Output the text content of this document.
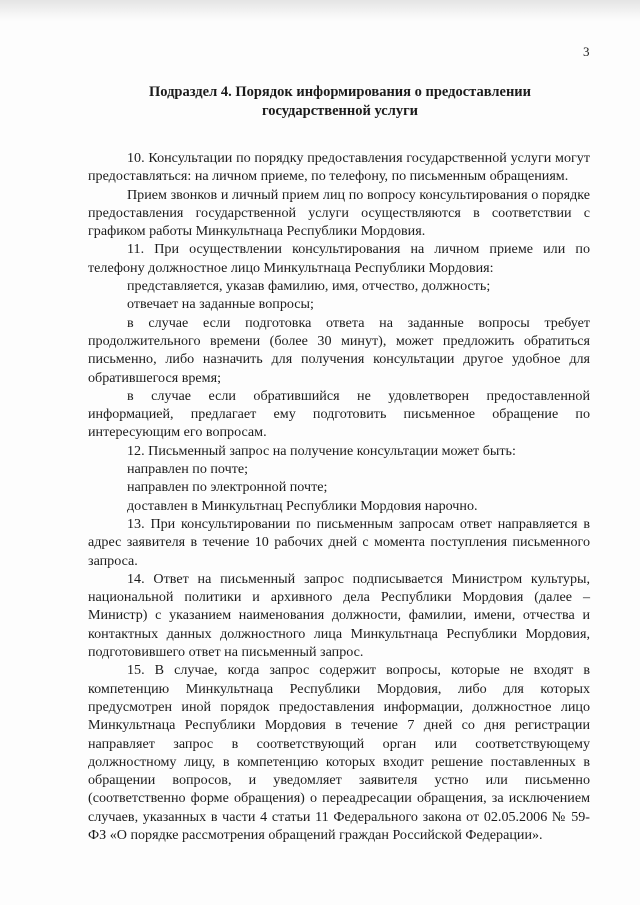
3
Подраздел 4. Порядок информирования о предоставлении
государственной услуги

10. Консультации по порядку предоставления государственной услуги могут предоставляться: на личном приеме, по телефону, по письменным обращениям.

Прием звонков и личный прием лиц по вопросу консультирования о порядке предоставления государственной услуги осуществляются в соответствии с графиком работы Минкультнаца Республики Мордовия.

11. При осуществлении консультирования на личном приеме или по телефону должностное лицо Минкультнаца Республики Мордовия:

представляется, указав фамилию, имя, отчество, должность;

отвечает на заданные вопросы;

в случае если подготовка ответа на заданные вопросы требует продолжительного времени (более 30 минут), может предложить обратиться письменно, либо назначить для получения консультации другое удобное для обратившегося время;

в случае если обратившийся не удовлетворен предоставленной информацией, предлагает ему подготовить письменное обращение по интересующим его вопросам.

12. Письменный запрос на получение консультации может быть:

направлен по почте;

направлен по электронной почте;

доставлен в Минкультнац Республики Мордовия нарочно.

13. При консультировании по письменным запросам ответ направляется в адрес заявителя в течение 10 рабочих дней с момента поступления письменного запроса.

14. Ответ на письменный запрос подписывается Министром культуры, национальной политики и архивного дела Республики Мордовия (далее – Министр) с указанием наименования должности, фамилии, имени, отчества и контактных данных должностного лица Минкультнаца Республики Мордовия, подготовившего ответ на письменный запрос.

15. В случае, когда запрос содержит вопросы, которые не входят в компетенцию Минкультнаца Республики Мордовия, либо для которых предусмотрен иной порядок предоставления информации, должностное лицо Минкультнаца Республики Мордовия в течение 7 дней со дня регистрации направляет запрос в соответствующий орган или соответствующему должностному лицу, в компетенцию которых входит решение поставленных в обращении вопросов, и уведомляет заявителя устно или письменно (соответственно форме обращения) о переадресации обращения, за исключением случаев, указанных в части 4 статьи 11 Федерального закона от 02.05.2006 № 59-ФЗ «О порядке рассмотрения обращений граждан Российской Федерации».
